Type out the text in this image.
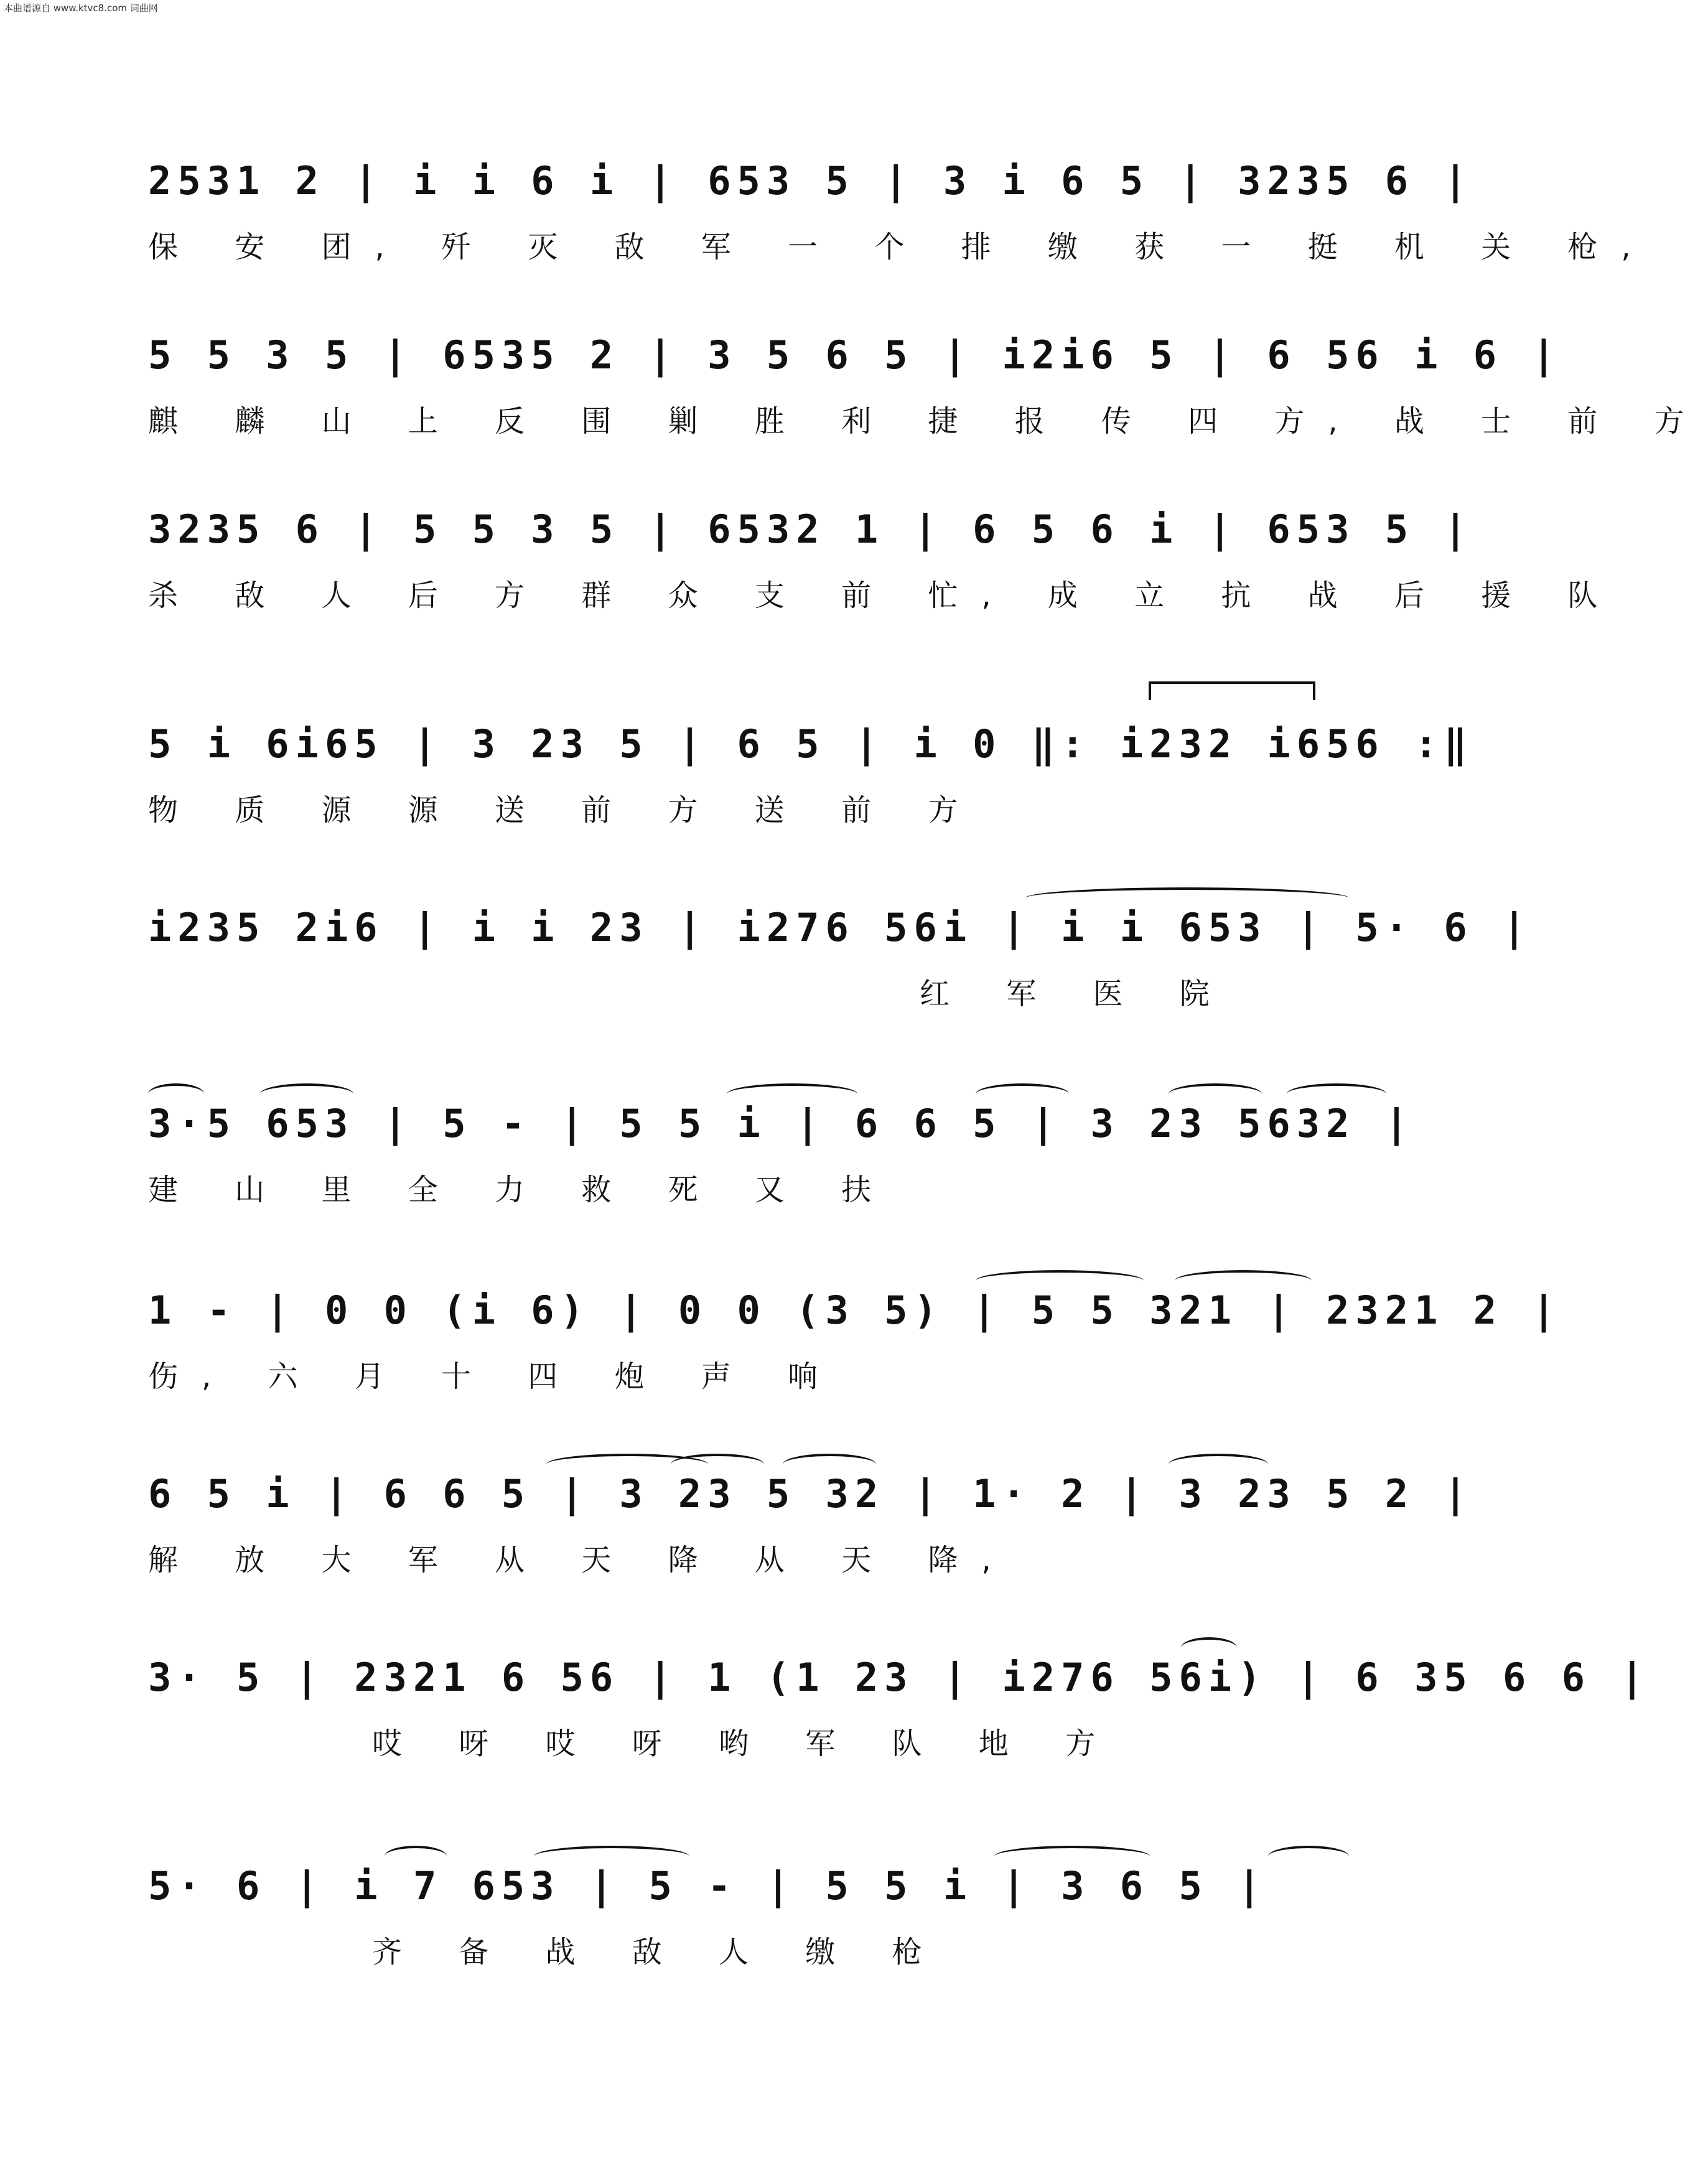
本曲谱源自 www.ktvc8.com 词曲网
2531 2 | i i 6 i | 653 5 | 3 i 6 5 | 3235 6 |
保 安 团, 歼 灭 敌 军 一 个 排 缴 获 一 挺 机 关 枪,
5 5 3 5 | 6535 2 | 3 5 6 5 | i2i6 5 | 6 56 i 6 |
麒 麟 山 上 反 围 剿 胜 利 捷 报 传 四 方, 战 士 前 方
3235 6 | 5 5 3 5 | 6532 1 | 6 5 6 i | 653 5 |
杀 敌 人 后 方 群 众 支 前 忙, 成 立 抗 战 后 援 队
5 i 6i65 | 3 23 5 | 6 5 | i 0 ‖: i232 i656 :‖
物 质 源 源 送 前 方 送 前 方
i235 2i6 | i i 23 | i276 56i | i i 653 | 5· 6 |
红 军 医 院
3·5 653 | 5 - | 5 5 i | 6 6 5 | 3 23 5632 |
建 山 里 全 力 救 死 又 扶
1 - | 0 0 (i 6) | 0 0 (3 5) | 5 5 321 | 2321 2 |
伤, 六 月 十 四 炮 声 响
6 5 i | 6 6 5 | 3 23 5 32 | 1· 2 | 3 23 5 2 |
解 放 大 军 从 天 降 从 天 降,
3· 5 | 2321 6 56 | 1 (1 23 | i276 56i) | 6 35 6 6 |
哎 呀 哎 呀 哟 军 队 地 方
5· 6 | i 7 653 | 5 - | 5 5 i | 3 6 5 |
齐 备 战 敌 人 缴 枪
